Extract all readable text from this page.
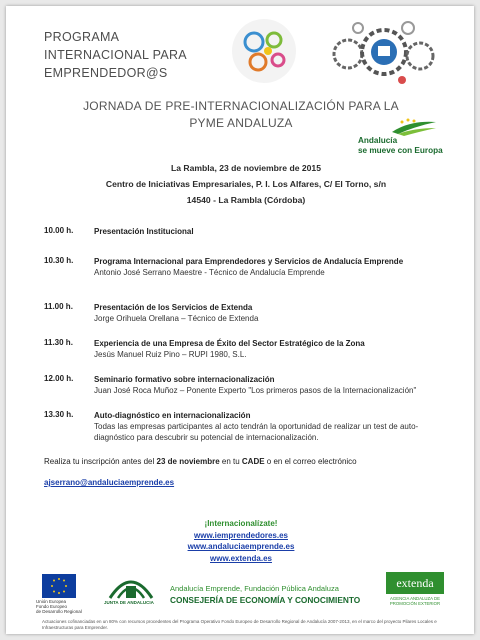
PROGRAMA
INTERNACIONAL PARA
EMPRENDEDOR@S
JORNADA DE PRE-INTERNACIONALIZACIÓN PARA LA
PYME ANDALUZA
Andalucía
se mueve con Europa
La Rambla, 23 de noviembre de 2015
Centro de Iniciativas Empresariales, P. I. Los Alfares, C/ El Torno, s/n
14540 - La Rambla (Córdoba)
10.00 h.	Presentación Institucional
10.30 h.	Programa Internacional para Emprendedores y Servicios de Andalucía Emprende
Antonio José Serrano Maestre - Técnico de Andalucía Emprende
11.00 h.	Presentación de los Servicios de Extenda
Jorge Orihuela Orellana – Técnico de Extenda
11.30 h.	Experiencia de una Empresa de Éxito del Sector Estratégico de la Zona
Jesús Manuel Ruiz Pino – RUPI 1980, S.L.
12.00 h.	Seminario formativo sobre internacionalización
Juan José Roca Muñoz – Ponente Experto "Los primeros pasos de la Internacionalización"
13.30 h.	Auto-diagnóstico en internacionalización
Todas las empresas participantes al acto tendrán la oportunidad de realizar un test de auto-diagnóstico para descubrir su potencial de internacionalización.
Realiza tu inscripción antes del 23 de noviembre en tu CADE o en el correo electrónico
ajserrano@andaluciaemprende.es
¡Internacionalízate!
www.iemprendedores.es
www.andaluciaemprende.es
www.extenda.es
Unión Europea
Fondo Europeo
de Desarrollo Regional
JUNTA DE ANDALUCIA
Andalucía Emprende, Fundación Pública Andaluza
CONSEJERÍA DE ECONOMÍA Y CONOCIMIENTO
extenda
AGENCIA ANDALUZA DE
PROMOCIÓN EXTERIOR
Actuaciones cofinanciadas en un 80% con recursos procedentes del Programa Operativo Fondo Europeo de Desarrollo Regional de Andalucía 2007-2013, en el marco del proyecto Pilares Locales e Infraestructuras para Emprender.
